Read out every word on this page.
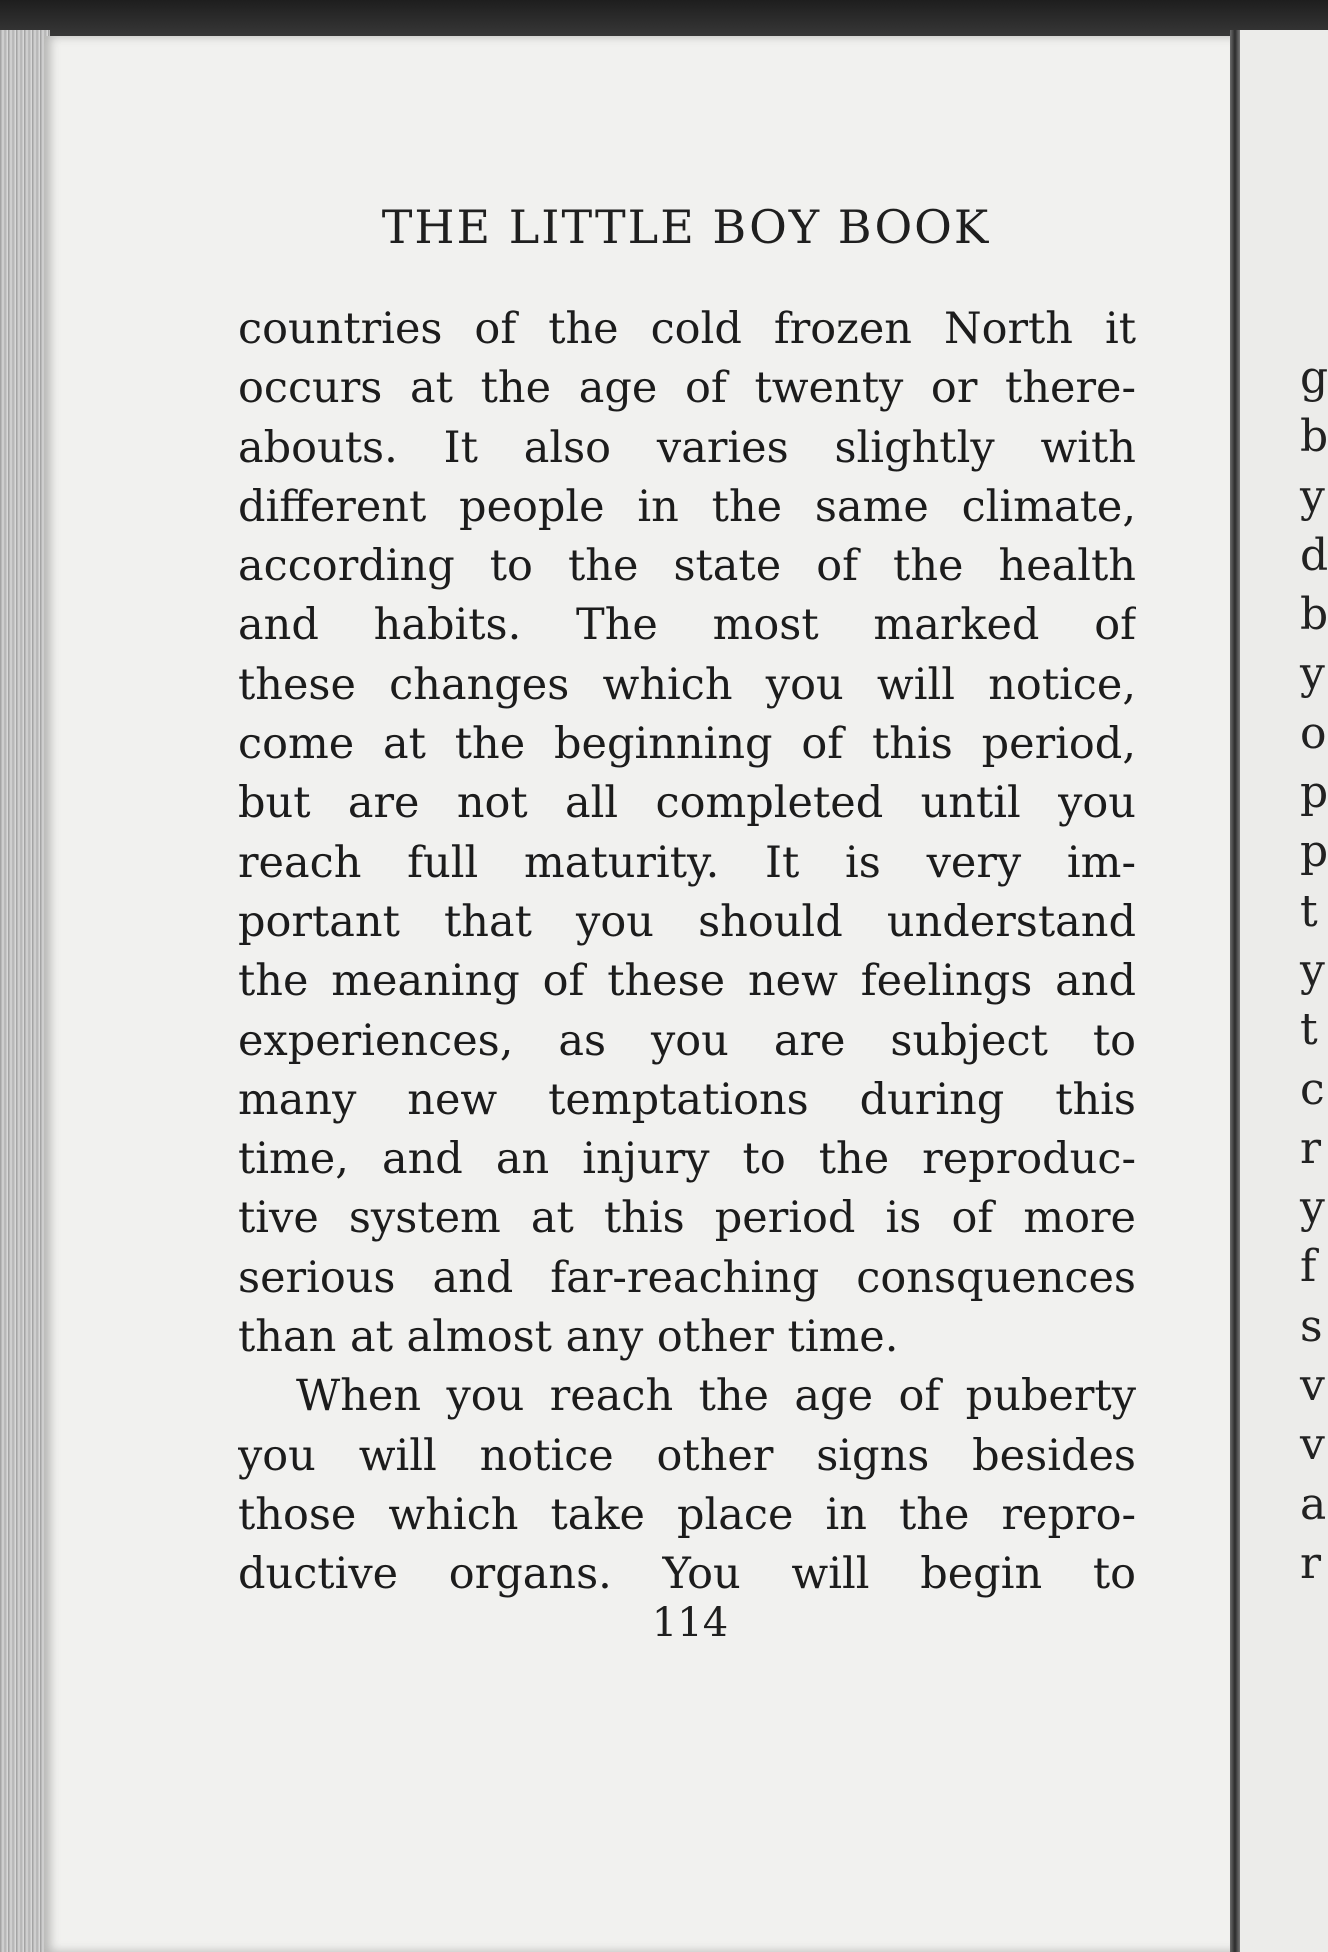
g
b
y
d
b
y
o
p
p
t
y
t
c
r
y
f
s
v
v
a
r
THE LITTLE BOY BOOK
countries of the cold frozen North it
occurs at the age of twenty or there-
abouts. It also varies slightly with
different people in the same climate,
according to the state of the health
and habits. The most marked of
these changes which you will notice,
come at the beginning of this period,
but are not all completed until you
reach full maturity. It is very im-
portant that you should understand
the meaning of these new feelings and
experiences, as you are subject to
many new temptations during this
time, and an injury to the reproduc-
tive system at this period is of more
serious and far-reaching consquences
than at almost any other time.
When you reach the age of puberty
you will notice other signs besides
those which take place in the repro-
ductive organs. You will begin to
114
